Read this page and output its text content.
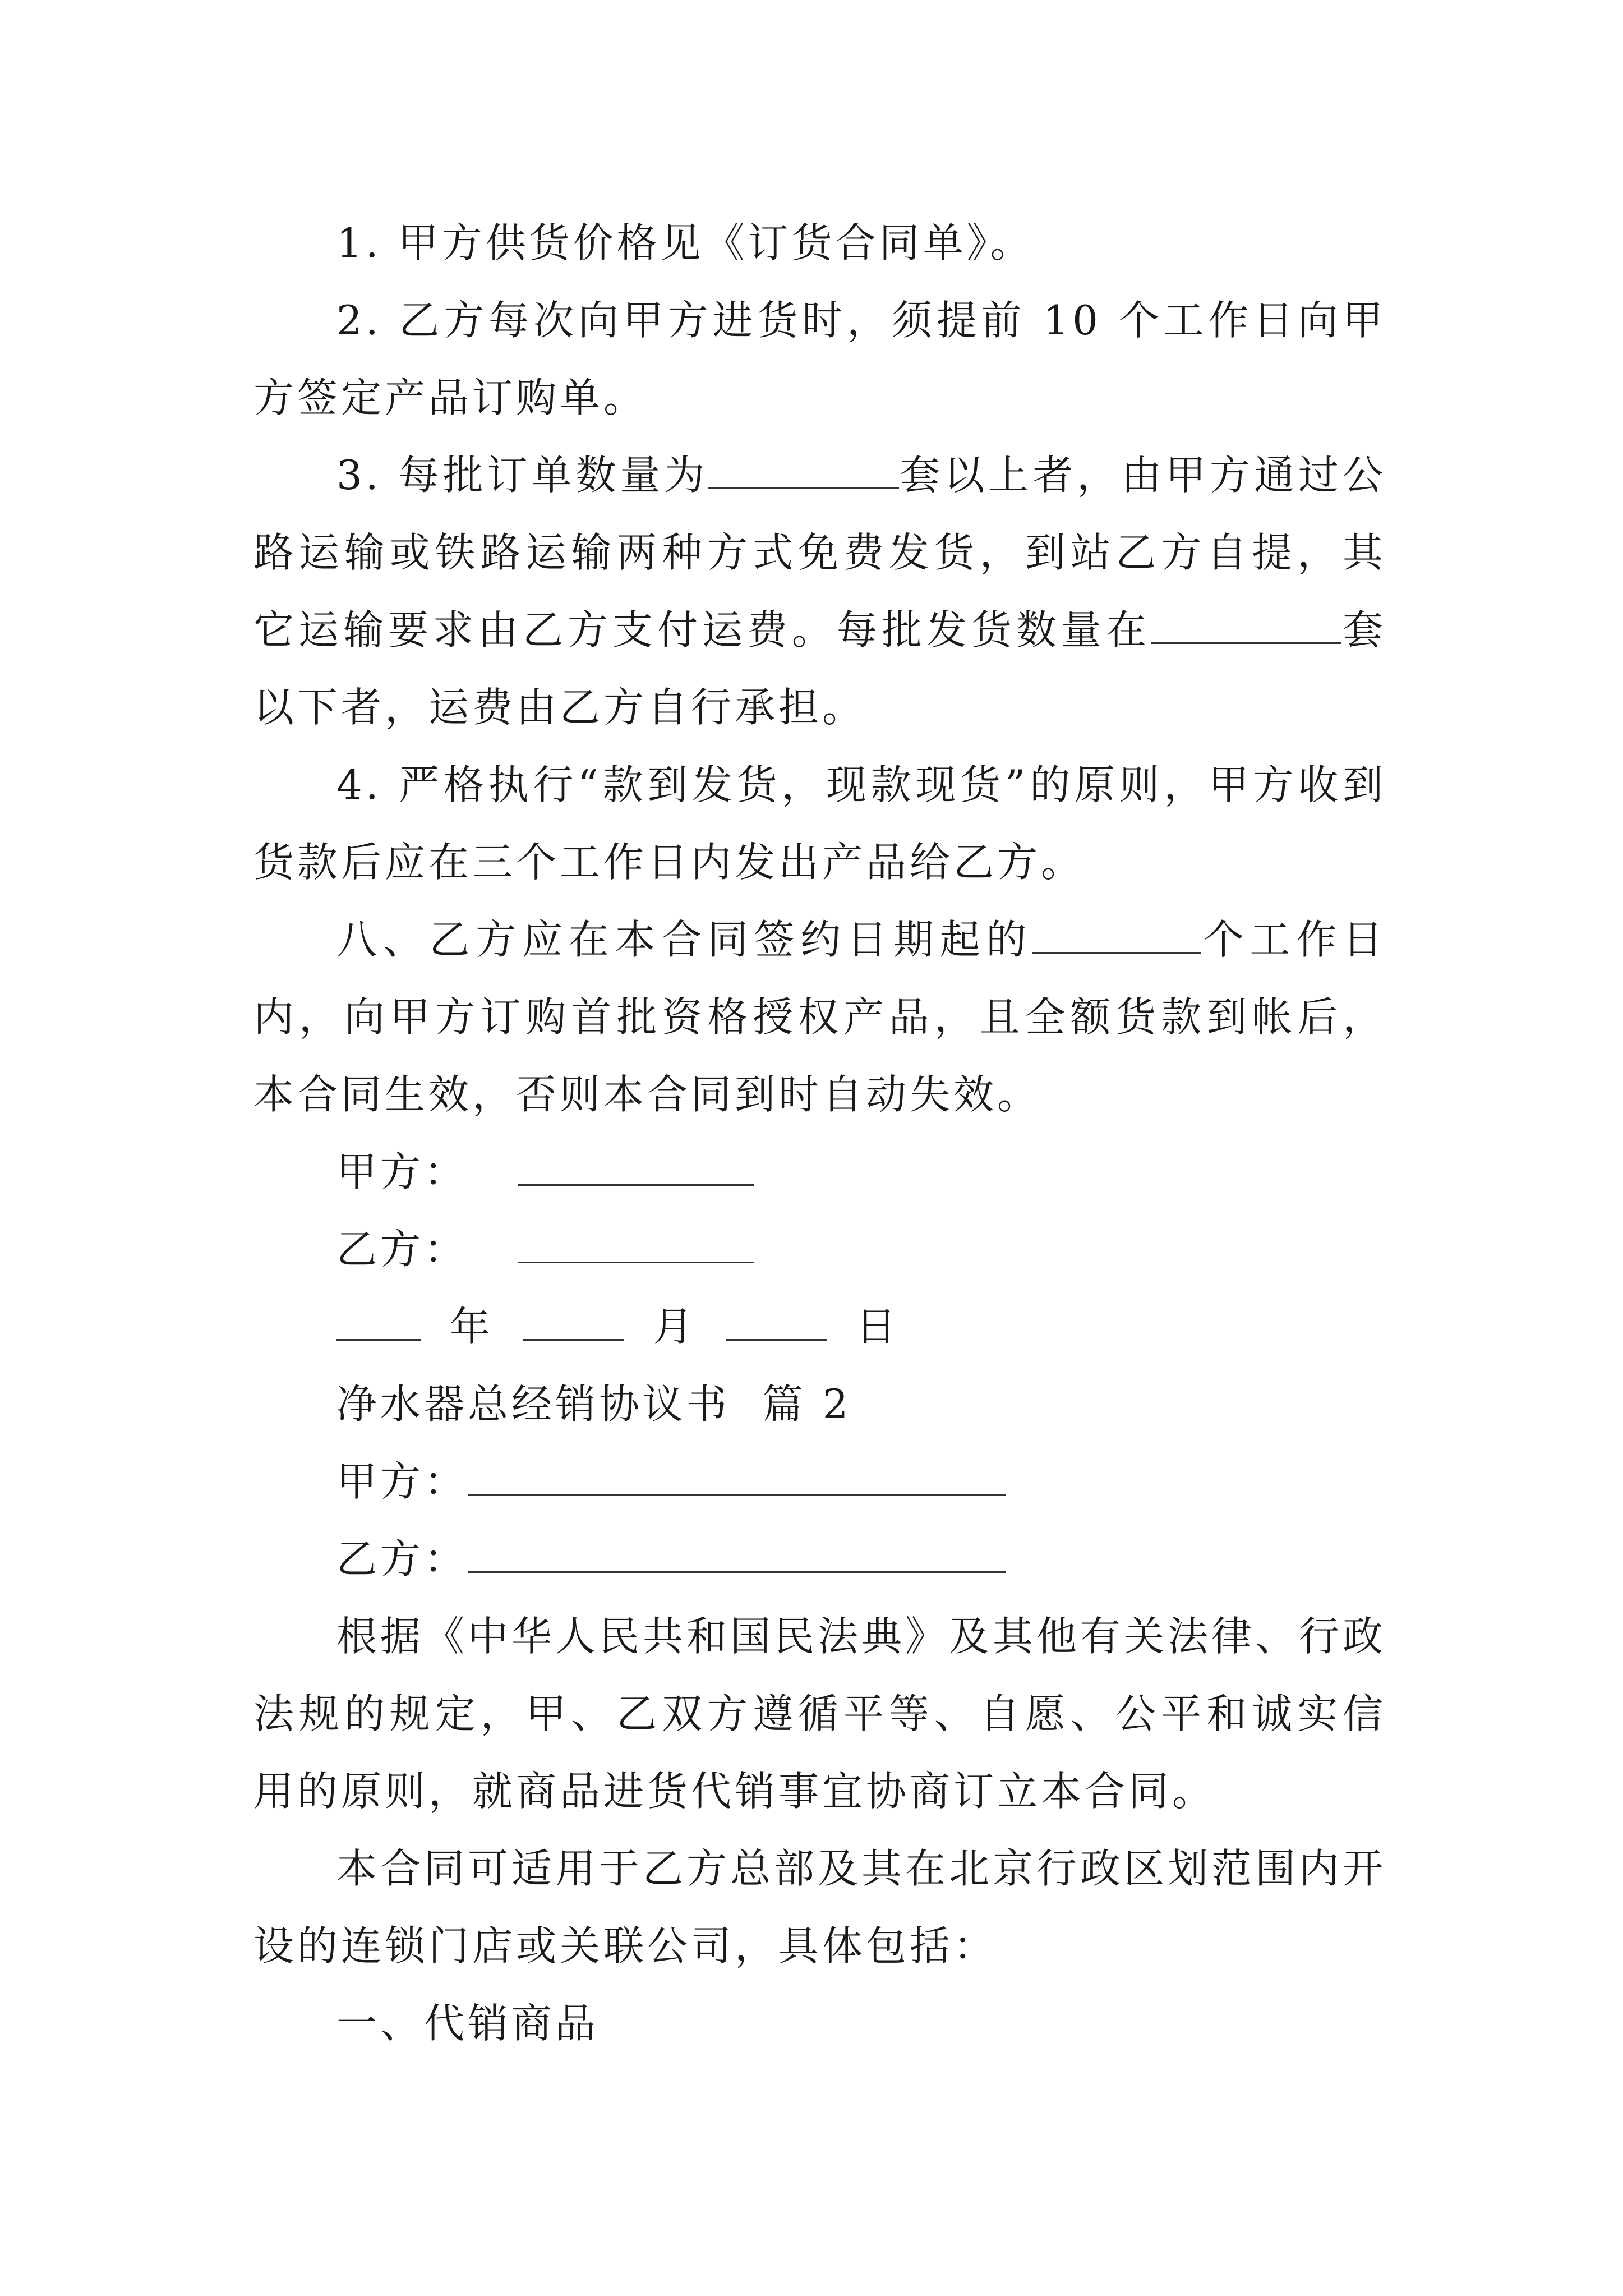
1. 甲方供货价格见《订货合同单》。

2. 乙方每次向甲方进货时，须提前 10 个工作日向甲方签定产品订购单。

3. 每批订单数量为	套以上者，由甲方通过公路运输或铁路运输两种方式免费发货，到站乙方自提，其它运输要求由乙方支付运费。每批发货数量在	套以下者，运费由乙方自行承担。

4. 严格执行“款到发货，现款现货”的原则，甲方收到货款后应在三个工作日内发出产品给乙方。

八、乙方应在本合同签约日期起的	个工作日内，向甲方订购首批资格授权产品，且全额货款到帐后，本合同生效，否则本合同到时自动失效。

甲方：

乙方：

年	月	日

净水器总经销协议书  篇 2

甲方：

乙方：

根据《中华人民共和国民法典》及其他有关法律、行政法规的规定，甲、乙双方遵循平等、自愿、公平和诚实信用的原则，就商品进货代销事宜协商订立本合同。

本合同可适用于乙方总部及其在北京行政区划范围内开设的连锁门店或关联公司，具体包括：

一、代销商品
